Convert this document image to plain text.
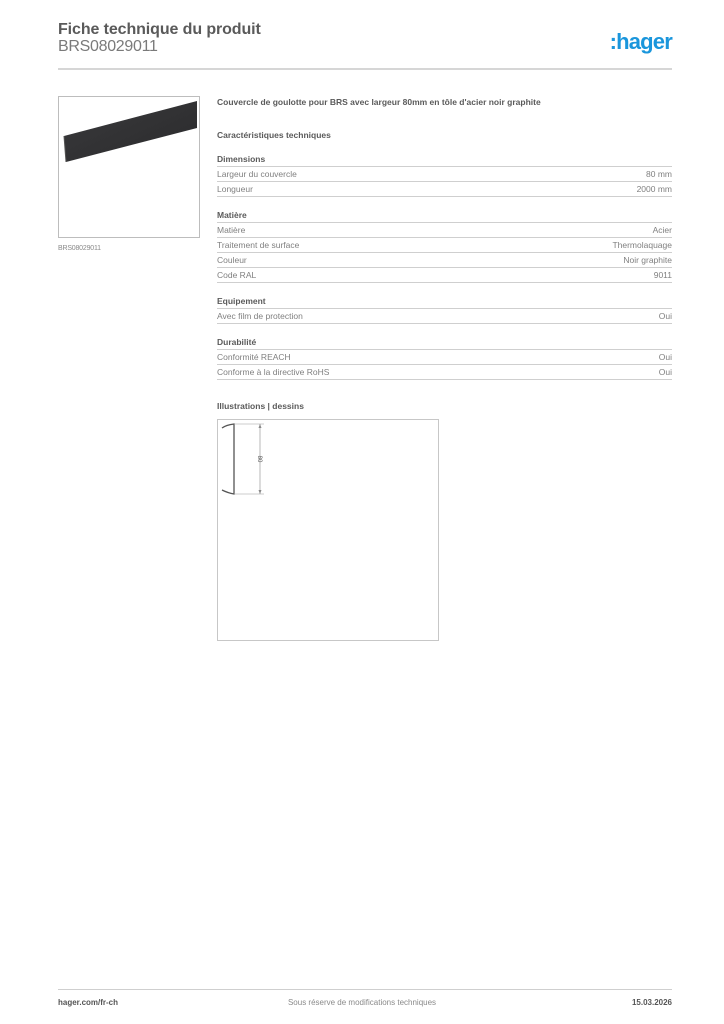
Fiche technique du produit
BRS08029011	:hager
BRS08029011
Couvercle de goulotte pour BRS avec largeur 80mm en tôle d'acier noir graphite
Caractéristiques techniques
Dimensions
Largeur du couvercle	80 mm
Longueur	2000 mm
Matière
Matière	Acier
Traitement de surface	Thermolaquage
Couleur	Noir graphite
Code RAL	9011
Equipement
Avec film de protection	Oui
Durabilité
Conformité REACH	Oui
Conforme à la directive RoHS	Oui
Illustrations | dessins
80
hager.com/fr-ch	Sous réserve de modifications techniques	15.03.2026
